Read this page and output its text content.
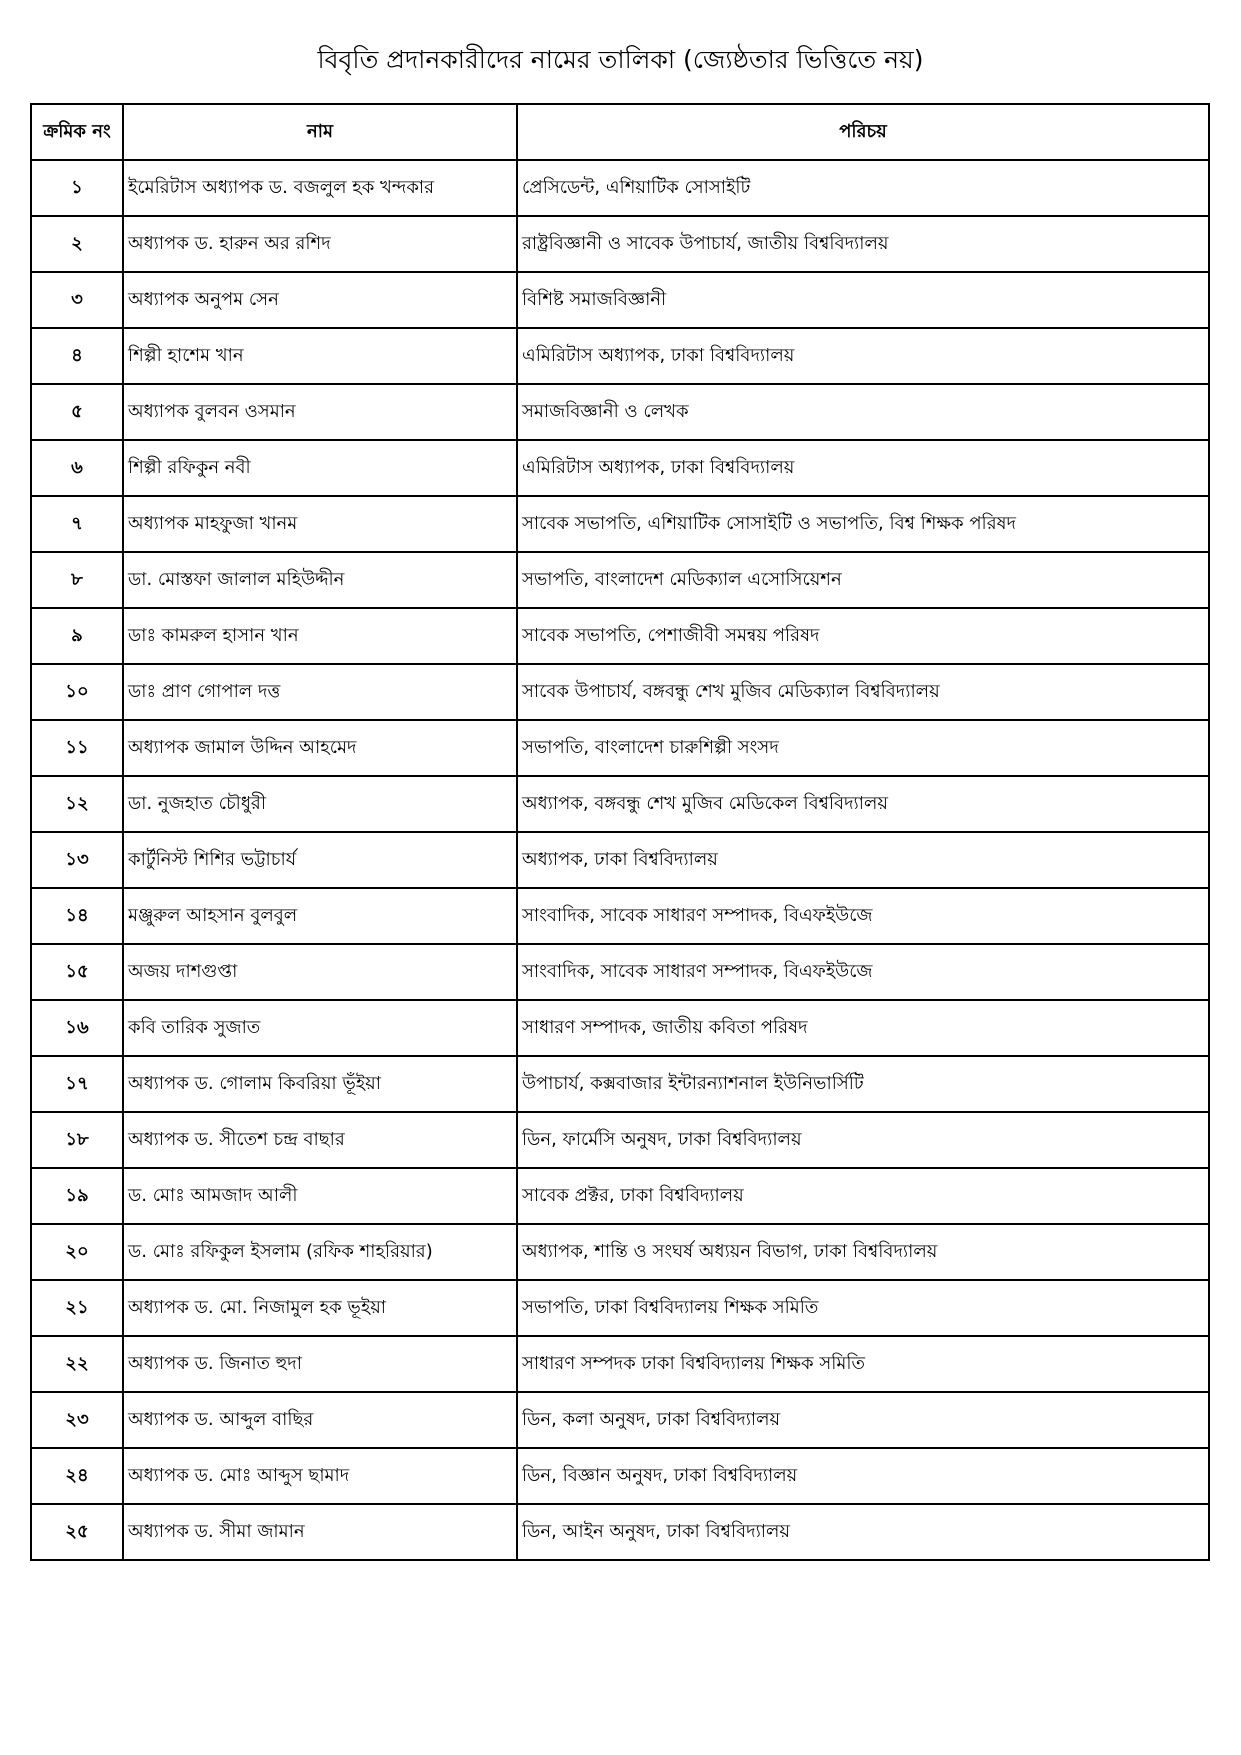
বিবৃতি প্রদানকারীদের নামের তালিকা (জ্যেষ্ঠতার ভিত্তিতে নয়)
ক্রমিক নং	নাম	পরিচয়
১	ইমেরিটাস অধ্যাপক ড. বজলুল হক খন্দকার	প্রেসিডেন্ট, এশিয়াটিক সোসাইটি
২	অধ্যাপক ড. হারুন অর রশিদ	রাষ্ট্রবিজ্ঞানী ও সাবেক উপাচার্য, জাতীয় বিশ্ববিদ্যালয়
৩	অধ্যাপক অনুপম সেন	বিশিষ্ট সমাজবিজ্ঞানী
৪	শিল্পী হাশেম খান	এমিরিটাস অধ্যাপক, ঢাকা বিশ্ববিদ্যালয়
৫	অধ্যাপক বুলবন ওসমান	সমাজবিজ্ঞানী ও লেখক
৬	শিল্পী রফিকুন নবী	এমিরিটাস অধ্যাপক, ঢাকা বিশ্ববিদ্যালয়
৭	অধ্যাপক মাহফুজা খানম	সাবেক সভাপতি, এশিয়াটিক সোসাইটি ও সভাপতি, বিশ্ব শিক্ষক পরিষদ
৮	ডা. মোস্তফা জালাল মহিউদ্দীন	সভাপতি, বাংলাদেশ মেডিক্যাল এসোসিয়েশন
৯	ডাঃ কামরুল হাসান খান	সাবেক সভাপতি, পেশাজীবী সমন্বয় পরিষদ
১০	ডাঃ প্রাণ গোপাল দত্ত	সাবেক উপাচার্য, বঙ্গবন্ধু শেখ মুজিব মেডিক্যাল বিশ্ববিদ্যালয়
১১	অধ্যাপক জামাল উদ্দিন আহমেদ	সভাপতি, বাংলাদেশ চারুশিল্পী সংসদ
১২	ডা. নুজহাত চৌধুরী	অধ্যাপক, বঙ্গবন্ধু শেখ মুজিব মেডিকেল বিশ্ববিদ্যালয়
১৩	কার্টুনিস্ট শিশির ভট্টাচার্য	অধ্যাপক, ঢাকা বিশ্ববিদ্যালয়
১৪	মঞ্জুরুল আহসান বুলবুল	সাংবাদিক, সাবেক সাধারণ সম্পাদক, বিএফইউজে
১৫	অজয় দাশগুপ্তা	সাংবাদিক, সাবেক সাধারণ সম্পাদক, বিএফইউজে
১৬	কবি তারিক সুজাত	সাধারণ সম্পাদক, জাতীয় কবিতা পরিষদ
১৭	অধ্যাপক ড. গোলাম কিবরিয়া ভূঁইয়া	উপাচার্য, কক্সবাজার ইন্টারন্যাশনাল ইউনিভার্সিটি
১৮	অধ্যাপক ড. সীতেশ চন্দ্র বাছার	ডিন, ফার্মেসি অনুষদ, ঢাকা বিশ্ববিদ্যালয়
১৯	ড. মোঃ আমজাদ আলী	সাবেক প্রক্টর, ঢাকা বিশ্ববিদ্যালয়
২০	ড. মোঃ রফিকুল ইসলাম (রফিক শাহরিয়ার)	অধ্যাপক, শান্তি ও সংঘর্ষ অধ্যয়ন বিভাগ, ঢাকা বিশ্ববিদ্যালয়
২১	অধ্যাপক ড. মো. নিজামুল হক ভূইয়া	সভাপতি, ঢাকা বিশ্ববিদ্যালয় শিক্ষক সমিতি
২২	অধ্যাপক ড. জিনাত হুদা	সাধারণ সম্পদক ঢাকা বিশ্ববিদ্যালয় শিক্ষক সমিতি
২৩	অধ্যাপক ড. আব্দুল বাছির	ডিন, কলা অনুষদ, ঢাকা বিশ্ববিদ্যালয়
২৪	অধ্যাপক ড. মোঃ আব্দুস ছামাদ	ডিন, বিজ্ঞান অনুষদ, ঢাকা বিশ্ববিদ্যালয়
২৫	অধ্যাপক ড. সীমা জামান	ডিন, আইন অনুষদ, ঢাকা বিশ্ববিদ্যালয়
